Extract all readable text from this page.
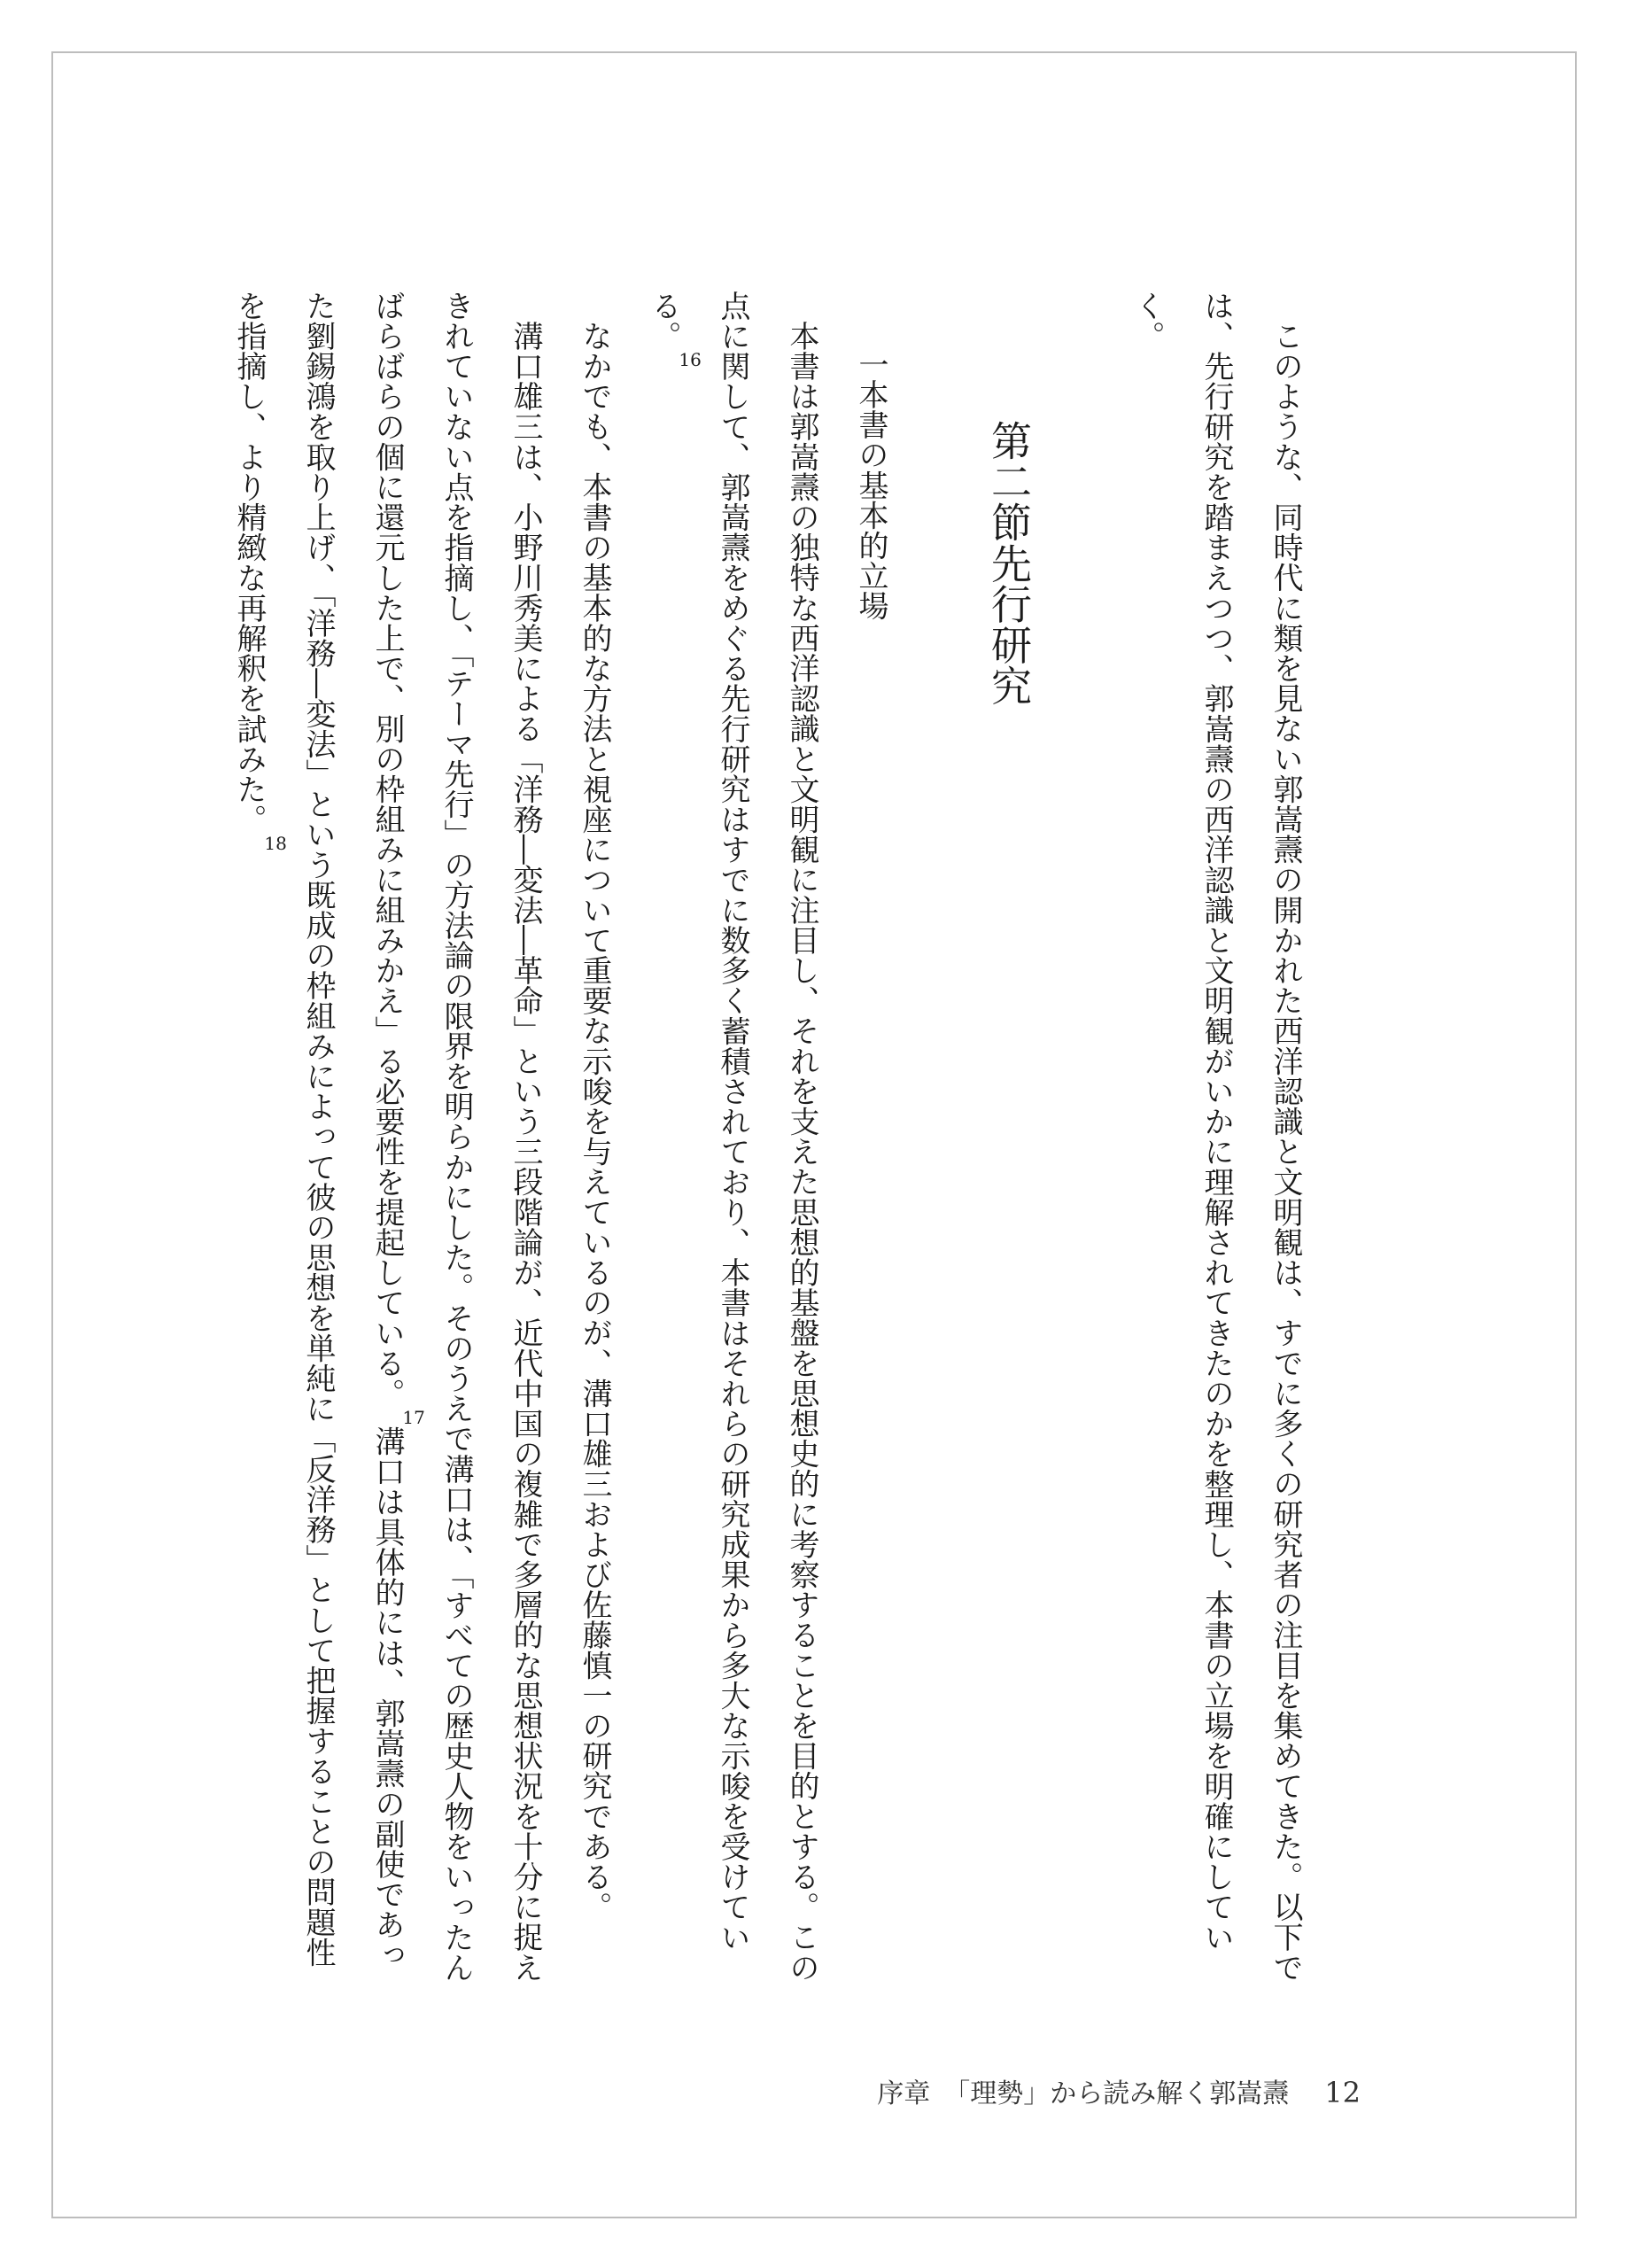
このような、同時代に類を見ない郭嵩燾の開かれた西洋認識と文明観は、すでに多くの研究者の注目を集めてきた。以下では、先行研究を踏まえつつ、郭嵩燾の西洋認識と文明観がいかに理解されてきたのかを整理し、本書の立場を明確にしていく。

第二節先行研究

一本書の基本的立場

本書は郭嵩燾の独特な西洋認識と文明観に注目し、それを支えた思想的基盤を思想史的に考察することを目的とする。この点に関して、郭嵩燾をめぐる先行研究はすでに数多く蓄積されており、本書はそれらの研究成果から多大な示唆を受けている。16

なかでも、本書の基本的な方法と視座について重要な示唆を与えているのが、溝口雄三および佐藤慎一の研究である。

溝口雄三は、小野川秀美による「洋務―変法―革命」という三段階論が、近代中国の複雑で多層的な思想状況を十分に捉えきれていない点を指摘し、「テーマ先行」の方法論の限界を明らかにした。そのうえで溝口は、「すべての歴史人物をいったんばらばらの個に還元した上で、別の枠組みに組みかえ」る必要性を提起している。17溝口は具体的には、郭嵩燾の副使であった劉錫鴻を取り上げ、「洋務―変法」という既成の枠組みによって彼の思想を単純に「反洋務」として把握することの問題性を指摘し、より精緻な再解釈を試みた。18

序章　「理勢」から読み解く郭嵩燾 12
